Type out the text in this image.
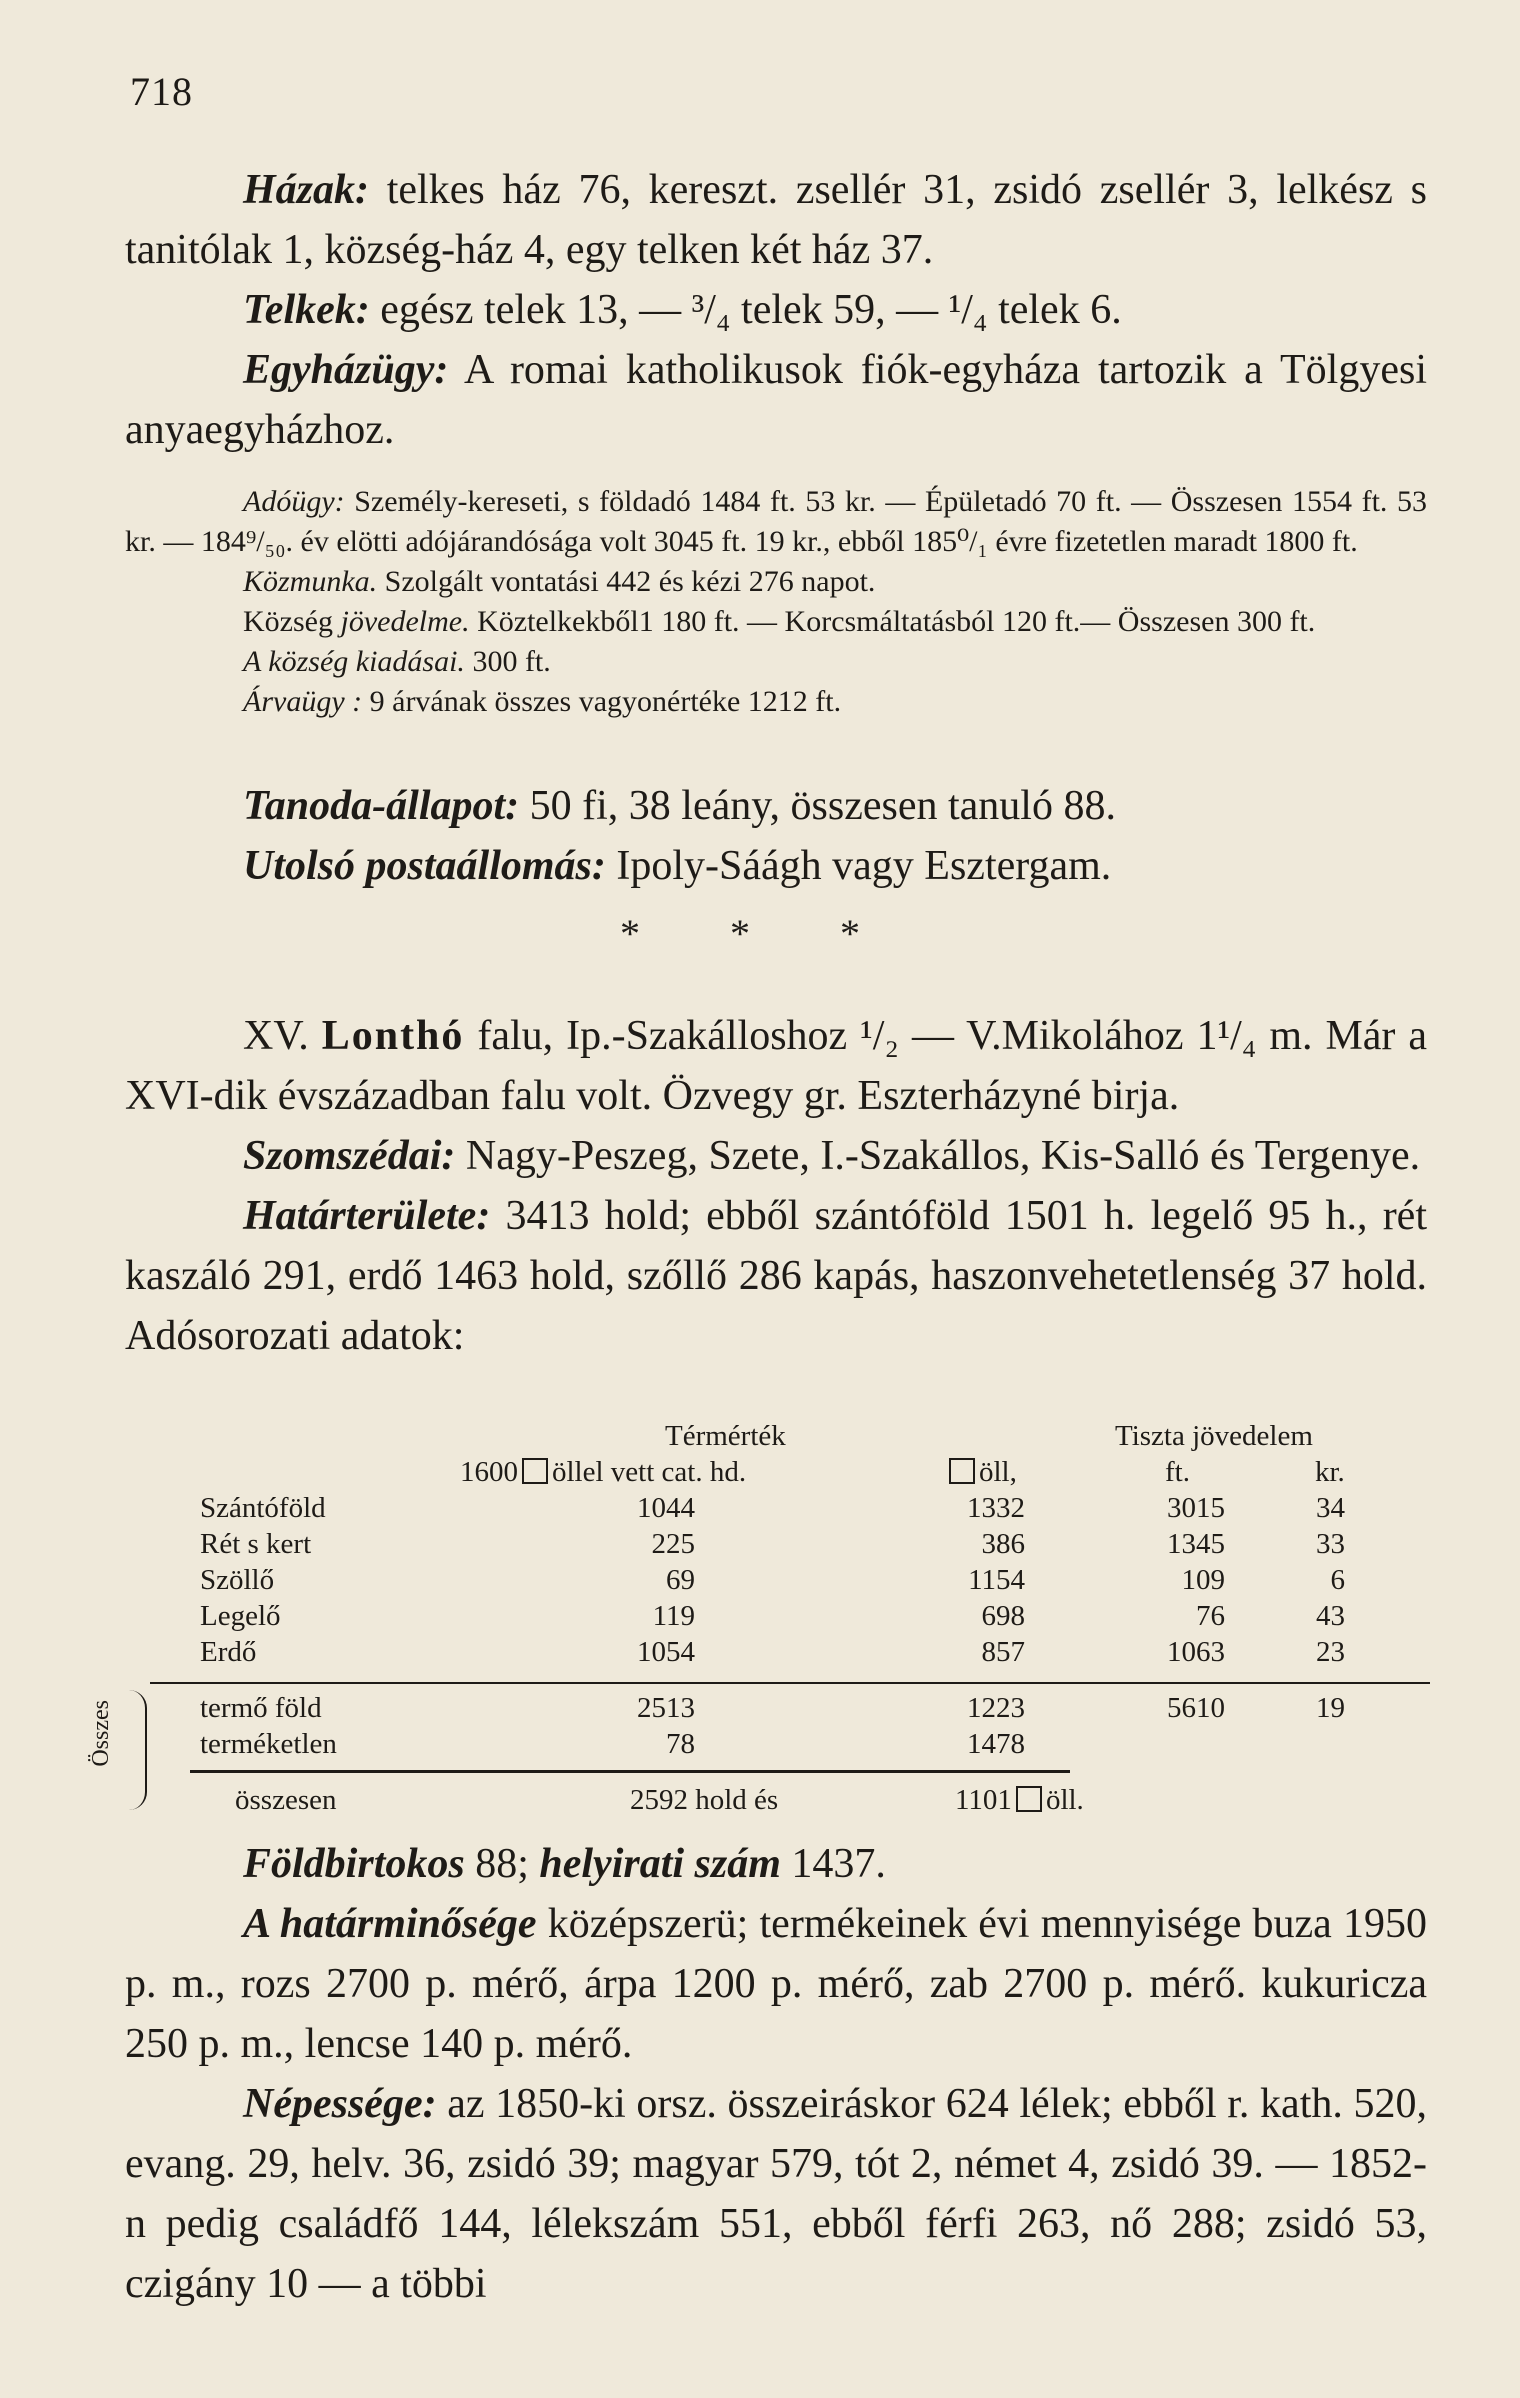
718
Házak: telkes ház 76, kereszt. zsellér 31, zsidó zsellér 3, lelkész s tanitólak 1, község-ház 4, egy telken két ház 37.
Telkek: egész telek 13, — ³/₄ telek 59, — ¹/₄ telek 6.
Egyházügy: A romai katholikusok fiók-egyháza tartozik a Tölgyesi anyaegyházhoz.
Adóügy: Személy-kereseti, s földadó 1484 ft. 53 kr. — Épületadó 70 ft. — Összesen 1554 ft. 53 kr. — 184⁹/₅₀. év elötti adójárandósága volt 3045 ft. 19 kr., ebből 185⁰/₁ évre fizetetlen maradt 1800 ft.
Közmunka. Szolgált vontatási 442 és kézi 276 napot.
Község jövedelme. Köztelkekből1 180 ft. — Korcsmáltatásból 120 ft.— Összesen 300 ft.
A község kiadásai. 300 ft.
Árvaügy : 9 árvának összes vagyonértéke 1212 ft.
Tanoda-állapot: 50 fi, 38 leány, összesen tanuló 88.
Utolsó postaállomás: Ipoly-Sáágh vagy Esztergam.
* * *
XV. Lonthó falu, Ip.-Szakálloshoz ¹/₂ — V.Mikolához 1¹/₄ m. Már a XVI-dik évszázadban falu volt. Özvegy gr. Eszterházyné birja.
Szomszédai: Nagy-Peszeg, Szete, I.-Szakállos, Kis-Salló és Tergenye.
Határterülete: 3413 hold; ebből szántóföld 1501 h. legelő 95 h., rét kaszáló 291, erdő 1463 hold, szőllő 286 kapás, haszonvehetetlenség 37 hold. Adósorozati adatok:
Térmérték	Tiszta jövedelem
1600 öllel vett cat. hd.	öll,	ft.	kr.
Szántóföld	1044	1332	3015	34
Rét s kert	225	386	1345	33
Szöllő	69	1154	109	6
Legelő	119	698	76	43
Erdő	1054	857	1063	23
Összes	termő föld	2513	1223	5610	19
terméketlen	78	1478
összesen	2592 hold és	1101 öll.
Földbirtokos 88; helyirati szám 1437.
A határminősége középszerü; termékeinek évi mennyisége buza 1950 p. m., rozs 2700 p. mérő, árpa 1200 p. mérő, zab 2700 p. mérő. kukuricza 250 p. m., lencse 140 p. mérő.
Népessége: az 1850-ki orsz. összeiráskor 624 lélek; ebből r. kath. 520, evang. 29, helv. 36, zsidó 39; magyar 579, tót 2, német 4, zsidó 39. — 1852-n pedig családfő 144, lélekszám 551, ebből férfi 263, nő 288; zsidó 53, czigány 10 — a többi
